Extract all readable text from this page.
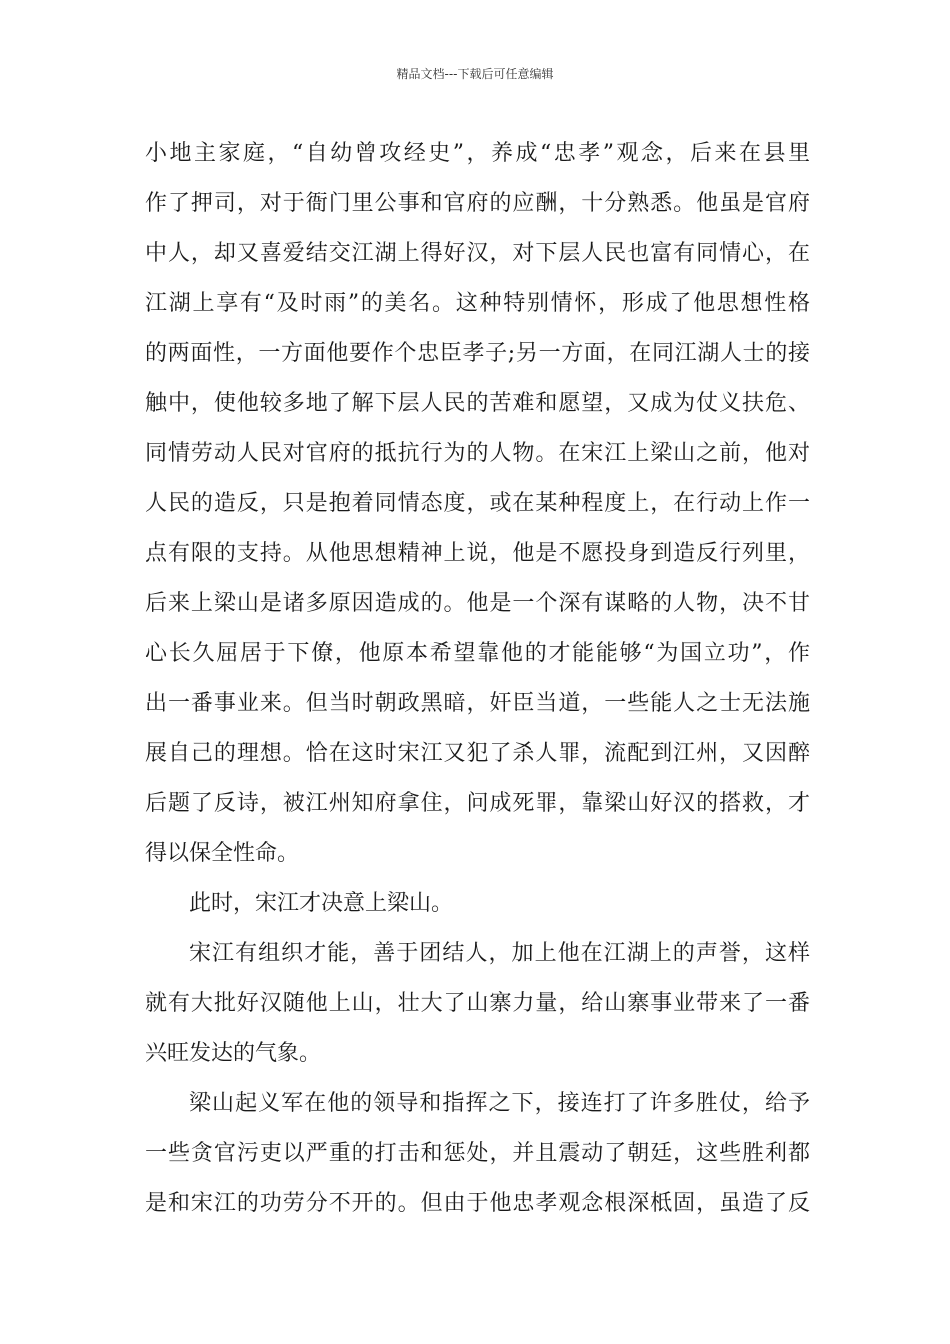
精品文档---下载后可任意编辑
小地主家庭，“自幼曾攻经史”，养成“忠孝”观念，后来在县里
作了押司，对于衙门里公事和官府的应酬，十分熟悉。他虽是官府
中人，却又喜爱结交江湖上得好汉，对下层人民也富有同情心，在
江湖上享有“及时雨”的美名。这种特别情怀，形成了他思想性格
的两面性，一方面他要作个忠臣孝子;另一方面，在同江湖人士的接
触中，使他较多地了解下层人民的苦难和愿望，又成为仗义扶危、
同情劳动人民对官府的抵抗行为的人物。在宋江上梁山之前，他对
人民的造反，只是抱着同情态度，或在某种程度上，在行动上作一
点有限的支持。从他思想精神上说，他是不愿投身到造反行列里，
后来上梁山是诸多原因造成的。他是一个深有谋略的人物，决不甘
心长久屈居于下僚，他原本希望靠他的才能能够“为国立功”，作
出一番事业来。但当时朝政黑暗，奸臣当道，一些能人之士无法施
展自己的理想。恰在这时宋江又犯了杀人罪，流配到江州，又因醉
后题了反诗，被江州知府拿住，问成死罪，靠梁山好汉的搭救，才
得以保全性命。
此时，宋江才决意上梁山。
宋江有组织才能，善于团结人，加上他在江湖上的声誉，这样
就有大批好汉随他上山，壮大了山寨力量，给山寨事业带来了一番
兴旺发达的气象。
梁山起义军在他的领导和指挥之下，接连打了许多胜仗，给予
一些贪官污吏以严重的打击和惩处，并且震动了朝廷，这些胜利都
是和宋江的功劳分不开的。但由于他忠孝观念根深柢固，虽造了反
